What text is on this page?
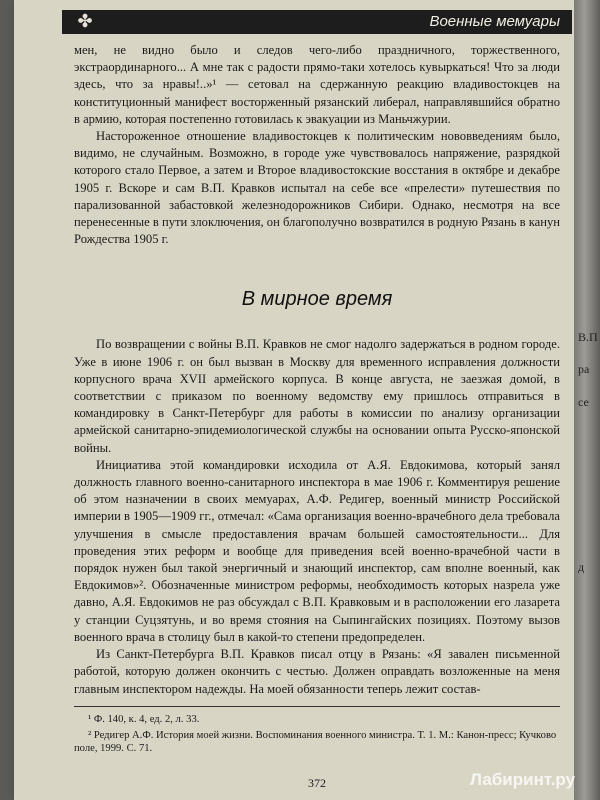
✤	Военные мемуары

мен, не видно было и следов чего-либо праздничного, торжественного, экстраординарного... А мне так с радости прямо-таки хотелось кувыркаться! Что за люди здесь, что за нравы!..»¹ — сетовал на сдержанную реакцию владивостокцев на конституционный манифест восторженный рязанский либерал, направлявшийся обратно в армию, которая постепенно готовилась к эвакуации из Маньчжурии.

Настороженное отношение владивостокцев к политическим нововведениям было, видимо, не случайным. Возможно, в городе уже чувствовалось напряжение, разрядкой которого стало Первое, а затем и Второе владивостокские восстания в октябре и декабре 1905 г. Вскоре и сам В.П. Кравков испытал на себе все «прелести» путешествия по парализованной забастовкой железнодорожников Сибири. Однако, несмотря на все перенесенные в пути злоключения, он благополучно возвратился в родную Рязань в канун Рождества 1905 г.

В мирное время

По возвращении с войны В.П. Кравков не смог надолго задержаться в родном городе. Уже в июне 1906 г. он был вызван в Москву для временного исправления должности корпусного врача XVII армейского корпуса. В конце августа, не заезжая домой, в соответствии с приказом по военному ведомству ему пришлось отправиться в командировку в Санкт-Петербург для работы в комиссии по анализу организации армейской санитарно-эпидемиологической службы на основании опыта Русско-японской войны.

Инициатива этой командировки исходила от А.Я. Евдокимова, который занял должность главного военно-санитарного инспектора в мае 1906 г. Комментируя решение об этом назначении в своих мемуарах, А.Ф. Редигер, военный министр Российской империи в 1905—1909 гг., отмечал: «Сама организация военно-врачебного дела требовала улучшения в смысле предоставления врачам большей самостоятельности... Для проведения этих реформ и вообще для приведения всей военно-врачебной части в порядок нужен был такой энергичный и знающий инспектор, сам вполне военный, как Евдокимов»². Обозначенные министром реформы, необходимость которых назрела уже давно, А.Я. Евдокимов не раз обсуждал с В.П. Кравковым и в расположении его лазарета у станции Суцзятунь, и во время стояния на Сыпингайских позициях. Поэтому вызов военного врача в столицу был в какой-то степени предопределен.

Из Санкт-Петербурга В.П. Кравков писал отцу в Рязань: «Я завален письменной работой, которую должен окончить с честью. Должен оправдать возложенные на меня главным инспектором надежды. На моей обязанности теперь лежит состав-

¹ Ф. 140, к. 4, ед. 2, л. 33.

² Редигер А.Ф. История моей жизни. Воспоминания военного министра. Т. 1. М.: Канон-пресс; Кучково поле, 1999. С. 71.

372
В.П
ра
се
д
Лабиринт.ру
